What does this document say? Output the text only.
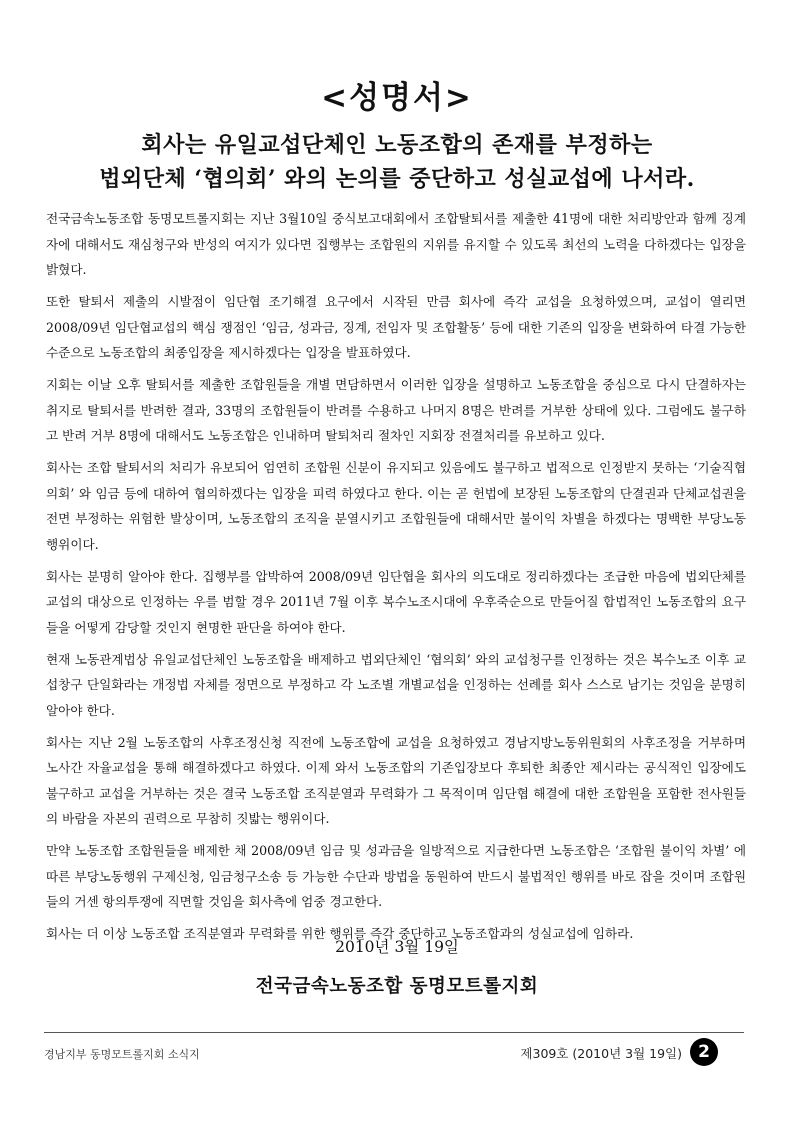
<성명서>
회사는 유일교섭단체인 노동조합의 존재를 부정하는
법외단체 ‘협의회’ 와의 논의를 중단하고 성실교섭에 나서라.

전국금속노동조합 동명모트롤지회는 지난 3월10일 중식보고대회에서 조합탈퇴서를 제출한 41명에 대한 처리방안과 함께 징계자에 대해서도 재심청구와 반성의 여지가 있다면 집행부는 조합원의 지위를 유지할 수 있도록 최선의 노력을 다하겠다는 입장을 밝혔다.

또한 탈퇴서 제출의 시발점이 임단협 조기해결 요구에서 시작된 만큼 회사에 즉각 교섭을 요청하였으며, 교섭이 열리면 2008/09년 임단협교섭의 핵심 쟁점인 ‘임금, 성과금, 징계, 전임자 및 조합활동’ 등에 대한 기존의 입장을 변화하여 타결 가능한 수준으로 노동조합의 최종입장을 제시하겠다는 입장을 발표하였다.

지회는 이날 오후 탈퇴서를 제출한 조합원들을 개별 면담하면서 이러한 입장을 설명하고 노동조합을 중심으로 다시 단결하자는 취지로 탈퇴서를 반려한 결과, 33명의 조합원들이 반려를 수용하고 나머지 8명은 반려를 거부한 상태에 있다. 그럼에도 불구하고 반려 거부 8명에 대해서도 노동조합은 인내하며 탈퇴처리 절차인 지회장 전결처리를 유보하고 있다.

회사는 조합 탈퇴서의 처리가 유보되어 엄연히 조합원 신분이 유지되고 있음에도 불구하고 법적으로 인정받지 못하는 ‘기술직협의회’ 와 임금 등에 대하여 협의하겠다는 입장을 피력 하였다고 한다. 이는 곧 헌법에 보장된 노동조합의 단결권과 단체교섭권을 전면 부정하는 위험한 발상이며, 노동조합의 조직을 분열시키고 조합원들에 대해서만 불이익 차별을 하겠다는 명백한 부당노동행위이다.

회사는 분명히 알아야 한다. 집행부를 압박하여 2008/09년 임단협을 회사의 의도대로 정리하겠다는 조급한 마음에 법외단체를 교섭의 대상으로 인정하는 우를 범할 경우 2011년 7월 이후 복수노조시대에 우후죽순으로 만들어질 합법적인 노동조합의 요구들을 어떻게 감당할 것인지 현명한 판단을 하여야 한다.

현재 노동관계법상 유일교섭단체인 노동조합을 배제하고 법외단체인 ‘협의회’ 와의 교섭청구를 인정하는 것은 복수노조 이후 교섭창구 단일화라는 개정법 자체를 정면으로 부정하고 각 노조별 개별교섭을 인정하는 선례를 회사 스스로 남기는 것임을 분명히 알아야 한다.

회사는 지난 2월 노동조합의 사후조정신청 직전에 노동조합에 교섭을 요청하였고 경남지방노동위원회의 사후조정을 거부하며 노사간 자율교섭을 통해 해결하겠다고 하였다. 이제 와서 노동조합의 기존입장보다 후퇴한 최종안 제시라는 공식적인 입장에도 불구하고 교섭을 거부하는 것은 결국 노동조합 조직분열과 무력화가 그 목적이며 임단협 해결에 대한 조합원을 포함한 전사원들의 바람을 자본의 권력으로 무참히 짓밟는 행위이다.

만약 노동조합 조합원들을 배제한 채 2008/09년 임금 및 성과금을 일방적으로 지급한다면 노동조합은 ‘조합원 불이익 차별’ 에 따른 부당노동행위 구제신청, 임금청구소송 등 가능한 수단과 방법을 동원하여 반드시 불법적인 행위를 바로 잡을 것이며 조합원들의 거센 항의투쟁에 직면할 것임을 회사측에 엄중 경고한다.

회사는 더 이상 노동조합 조직분열과 무력화를 위한 행위를 즉각 중단하고 노동조합과의 성실교섭에 임하라.

2010년 3월 19일
전국금속노동조합 동명모트롤지회
경남지부 동명모트롤지회 소식지	제309호 (2010년 3월 19일) 2
